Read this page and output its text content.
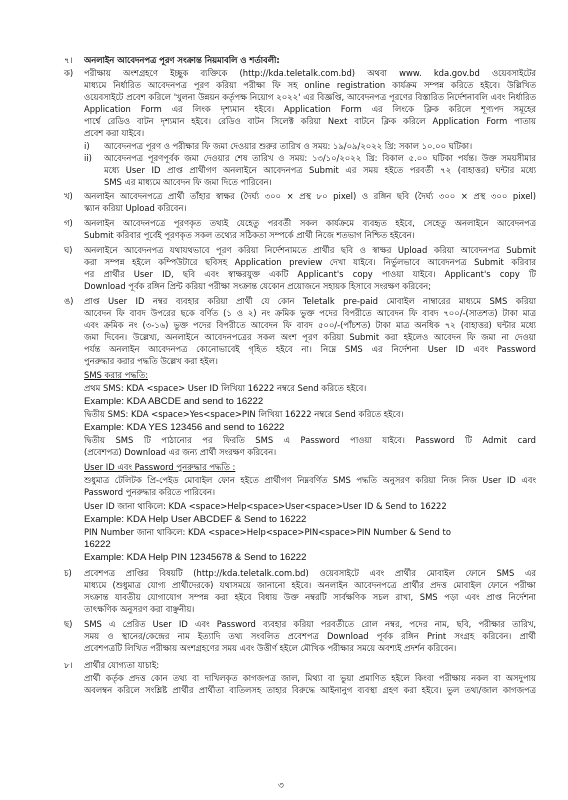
৭। অনলাইন আবেদনপত্র পূরণ সংক্রান্ত নিয়মাবলি ও শর্তাবলী:
ক) পরীক্ষায় অংশগ্রহণে ইচ্ছুক ব্যক্তিকে (http://kda.teletalk.com.bd) অথবা www. kda.gov.bd ওয়েবসাইটের
মাধ্যমে নির্ধারিত আবেদনপত্র পূরণ করিয়া পরীক্ষা ফি সহ online registration কার্যক্রম সম্পন্ন করিতে হইবে। উল্লিখিত
ওয়েবসাইটে প্রবেশ করিলে 'খুলনা উন্নয়ন কর্তৃপক্ষ নিয়োগ ২০২২' এর বিজ্ঞপ্তি, আবেদনপত্র পূরণের বিস্তারিত নির্দেশনাবলি এবং নির্ধারিত
Application Form এর লিংক দৃশ্যমান হইবে। Application Form এর লিংকে ক্লিক করিলে শূণ্যপদ সমূহের
পার্শ্বে রেডিও বাটন দৃশ্যমান হইবে। রেডিও বাটন সিলেক্ট করিয়া Next বাটনে ক্লিক করিলে Application Form পাতায়
প্রবেশ করা যাইবে।
i) আবেদনপত্র পূরণ ও পরীক্ষার ফি জমা দেওয়ার শুরুর তারিখ ও সময়: ১৯/০৯/২০২২ খ্রি: সকাল ১০.০০ ঘটিকা।
ii) আবেদনপত্র পূরণপূর্বক জমা দেওয়ার শেষ তারিখ ও সময়: ১৩/১০/২০২২ খ্রি: বিকাল ৫.০০ ঘটিকা পর্যন্ত। উক্ত সময়সীমার
মধ্যে User ID প্রাপ্ত প্রার্থীগণ অনলাইনে আবেদনপত্র Submit এর সময় হইতে পরবর্তী ৭২ (বাহাত্তর) ঘন্টার মধ্যে
SMS এর মাধ্যমে আবেদন ফি জমা দিতে পারিবেন।
খ) অনলাইন আবেদনপত্রে প্রার্থী তাঁহার স্বাক্ষর (দৈর্ঘ্য ৩০০ × প্রস্থ ৮০ pixel) ও রঙ্গিন ছবি (দৈর্ঘ্য ৩০০ × প্রস্থ ৩০০ pixel)
স্ক্যান করিয়া Upload করিবেন।
গ) অনলাইন আবেদনপত্রে পূরণকৃত তথ্যই যেহেতু পরবর্তী সকল কার্যক্রমে ব্যবহৃত হইবে, সেহেতু অনলাইনে আবেদনপত্র
Submit করিবার পূর্বেই পূরণকৃত সকল তথ্যের সঠিকতা সম্পর্কে প্রার্থী নিজে শতভাগ নিশ্চিত হইবেন।
ঘ) অনলাইনে আবেদনপত্র যথাযথভাবে পূরণ করিয়া নির্দেশনামতে প্রার্থীর ছবি ও স্বাক্ষর Upload করিয়া আবেদনপত্র Submit
করা সম্পন্ন হইলে কম্পিউটারে ছবিসহ Application preview দেখা যাইবে। নির্ভুলভাবে আবেদনপত্র Submit করিবার
পর প্রার্থীর User ID, ছবি এবং স্বাক্ষরযুক্ত একটি Applicant's copy পাওয়া যাইবে। Applicant's copy টি
Download পূর্বক রঙ্গিন প্রিন্ট করিয়া পরীক্ষা সংক্রান্ত যেকোন প্রয়োজনে সহায়ক হিসাবে সংরক্ষণ করিবেন;
ঙ) প্রাপ্ত User ID নম্বর ব্যবহার করিয়া প্রার্থী যে কোন Teletalk pre-paid মোবাইল নাম্বারের মাধ্যমে SMS করিয়া
আবেদন ফি বাবদ উপরের ছকে বর্ণিত (১ ও ২) নং ক্রমিক ভুক্ত পদের বিপরীতে আবেদন ফি বাবদ ৭০০/-(সাতশত) টাকা মাত্র
এবং ক্রমিক নং (৩-১৬) ভুক্ত পদের বিপরীতে আবেদন ফি বাবদ ৫০০/-(পাঁচশত) টাকা মাত্র অনধিক ৭২ (বাহাত্তর) ঘন্টার মধ্যে
জমা দিবেন। উল্লেখ্য, অনলাইনে আবেদনপত্রের সকল অংশ পূরণ করিয়া Submit করা হইলেও আবেদন ফি জমা না দেওয়া
পর্যন্ত অনলাইন আবেদনপত্র কোনোভাবেই গৃহিত হইবে না। নিম্নে SMS এর নির্দেশনা User ID এবং Password
পুনরুদ্ধার করার পদ্ধতি উল্লেখ করা হইল।
SMS করার পদ্ধতি:
প্রথম SMS: KDA <space> User ID লিখিয়া 16222 নম্বরে Send করিতে হইবে।
Example: KDA ABCDE and send to 16222
দ্বিতীয় SMS: KDA <space>Yes<space>PIN লিখিয়া 16222 নম্বরে Send করিতে হইবে।
Example: KDA YES 123456 and send to 16222
দ্বিতীয় SMS টি পাঠানোর পর ফিরতি SMS এ Password পাওয়া যাইবে। Password টি Admit card
(প্রবেশপত্র) Download এর জন্য প্রার্থী সংরক্ষণ করিবেন।
User ID এবং Password পুনরুদ্ধার পদ্ধতি :
শুধুমাত্র টেলিটক প্রি-পেইড মোবাইল ফোন হইতে প্রার্থীগণ নিম্নবর্ণিত SMS পদ্ধতি অনুসরণ করিয়া নিজ নিজ User ID এবং
Password পুনরুদ্ধার করিতে পারিবেন।
User ID জানা থাকিলে: KDA <space>Help<space>User<space>User ID & Send to 16222
Example: KDA Help User ABCDEF & Send to 16222
PIN Number জানা থাকিলে: KDA <space>Help<space>PIN<space>PIN Number & Send to
16222
Example: KDA Help PIN 12345678 & Send to 16222
চ) প্রবেশপত্র প্রাপ্তির বিষয়টি (http://kda.teletalk.com.bd) ওয়েবসাইটে এবং প্রার্থীর মোবাইল ফোনে SMS এর
মাধ্যমে (শুধুমাত্র যোগ্য প্রার্থীদেরকে) যথাসময়ে জানানো হইবে। অনলাইন আবেদনপত্রে প্রার্থীর প্রদত্ত মোবাইল ফোনে পরীক্ষা
সংক্রান্ত যাবতীয় যোগাযোগ সম্পন্ন করা হইবে বিধায় উক্ত নম্বরটি সার্বক্ষণিক সচল রাখা, SMS পড়া এবং প্রাপ্ত নির্দেশনা
তাৎক্ষণিক অনুসরণ করা বাঞ্ছনীয়।
ছ) SMS এ প্রেরিত User ID এবং Password ব্যবহার করিয়া পরবর্তীতে রোল নম্বর, পদের নাম, ছবি, পরীক্ষার তারিখ,
সময় ও স্থানের/কেন্দ্রের নাম ইত্যাদি তথ্য সংবলিত প্রবেশপত্র Download পূর্বক রঙ্গিন Print সংগ্রহ করিবেন। প্রার্থী
প্রবেশপত্রটি লিখিত পরীক্ষায় অংশগ্রহণের সময় এবং উত্তীর্ণ হইলে মৌখিক পরীক্ষার সময়ে অবশ্যই প্রদর্শন করিবেন।
৮। প্রার্থীর যোগ্যতা যাচাই:
প্রার্থী কর্তৃক প্রদত্ত কোন তথ্য বা দাখিলকৃত কাগজপত্র জাল, মিথ্যা বা ভুয়া প্রমাণিত হইলে কিংবা পরীক্ষায় নকল বা অসদুপায়
অবলম্বন করিলে সংশ্লিষ্ট প্রার্থীর প্রার্থীতা বাতিলসহ তাহার বিরুদ্ধে আইনানুগ ব্যবস্থা গ্রহণ করা হইবে। ভুল তথ্য/জাল কাগজপত্র
৩
